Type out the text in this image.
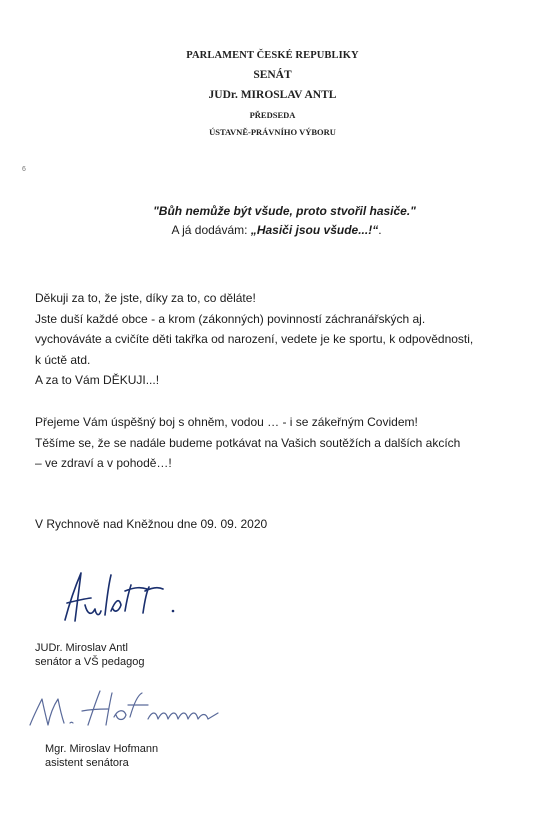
PARLAMENT ČESKÉ REPUBLIKY
SENÁT
JUDr. MIROSLAV ANTL
PŘEDSEDA
ÚSTAVNĚ-PRÁVNÍHO VÝBORU
6
"Bůh nemůže být všude, proto stvořil hasiče."
A já dodávám: „Hasiči jsou všude...!“.
Děkuji za to, že jste, díky za to, co děláte!
Jste duší každé obce - a krom (zákonných) povinností záchranářských aj.
vychováváte a cvičíte děti takřka od narození, vedete je ke sportu, k odpovědnosti,
k úctě atd.
A za to Vám DĚKUJI...!
Přejeme Vám úspěšný boj s ohněm, vodou … - i se zákeřným Covidem!
Těšíme se, že se nadále budeme potkávat na Vašich soutěžích a dalších akcích
– ve zdraví a v pohodě…!
V Rychnově nad Kněžnou dne 09. 09. 2020
JUDr. Miroslav Antl
senátor a VŠ pedagog
Mgr. Miroslav Hofmann
asistent senátora
